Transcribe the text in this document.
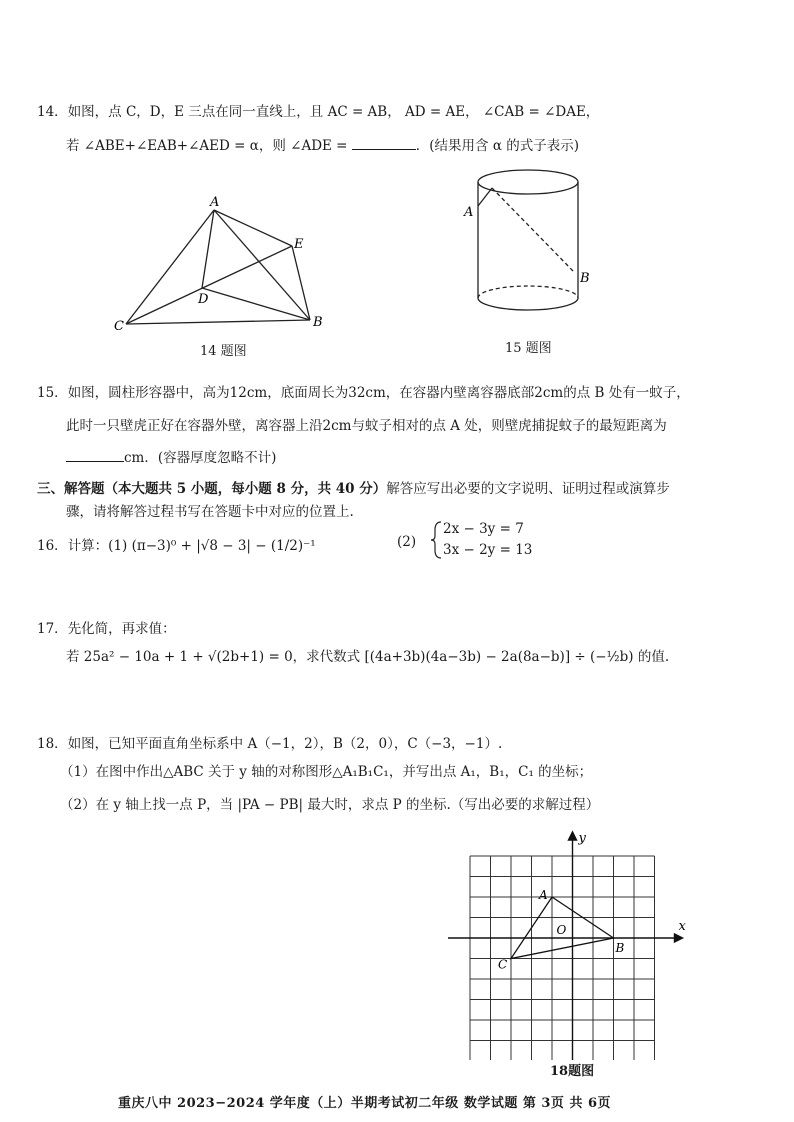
14．如图，点 C，D，E 三点在同一直线上，且 AC = AB， AD = AE， ∠CAB = ∠DAE，
若 ∠ABE+∠EAB+∠AED = α，则 ∠ADE =	．(结果用含 α 的式子表示)
A
E
D
C	B
14 题图
A
B
15 题图
15．如图，圆柱形容器中，高为12cm，底面周长为32cm，在容器内壁离容器底部2cm的点 B 处有一蚊子，
此时一只壁虎正好在容器外壁，离容器上沿2cm与蚊子相对的点 A 处，则壁虎捕捉蚊子的最短距离为
cm．(容器厚度忽略不计)
三、解答题（本大题共 5 小题，每小题 8 分，共 40 分）解答应写出必要的文字说明、证明过程或演算步
骤，请将解答过程书写在答题卡中对应的位置上.
16．计算：(1) (π−3)⁰ + |√8 − 3| − (1/2)⁻¹	(2)
2x − 3y = 7
3x − 2y = 13
17．先化简，再求值：
若 25a² − 10a + 1 + √(2b+1) = 0，求代数式 [(4a+3b)(4a−3b) − 2a(8a−b)] ÷ (−½b) 的值.
18．如图，已知平面直角坐标系中 A（−1，2），B（2，0），C（−3，−1）.
（1）在图中作出△ABC 关于 y 轴的对称图形△A₁B₁C₁，并写出点 A₁，B₁，C₁ 的坐标；
（2）在 y 轴上找一点 P，当 |PA − PB| 最大时，求点 P 的坐标.（写出必要的求解过程）
x
y
A
B
C
O
18题图
重庆八中 2023−2024 学年度（上）半期考试初二年级 数学试题 第 3页 共 6页
